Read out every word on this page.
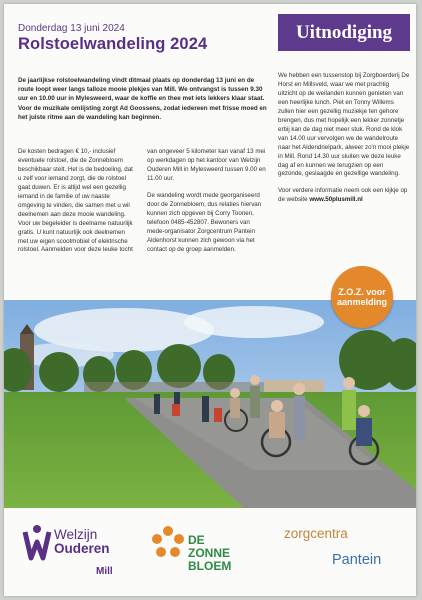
Donderdag 13 juni 2024
Rolstoelwandeling 2024
Uitnodiging

De jaarlijkse rolstoelwandeling vindt ditmaal plaats op donderdag 13 juni en de route loopt weer langs talloze mooie plekjes van Mill. We ontvangst is tussen 9.30 uur en 10.00 uur in Mylesweerd, waar de koffie en thee met iets lekkers klaar staat. Voor de muzikale omlijsting zorgt Ad Goossens, zodat iedereen met frisse moed en het juiste ritme aan de wandeling kan beginnen.

De kosten bedragen € 10,- inclusief eventuele rolstoel, die de Zonnebloem beschikbaar stelt. Het is de bedoeling, dat u zelf voor iemand zorgt, die de rolstoel gaat duwen. Er is altijd wel een gezellig iemand in de familie of uw naaste omgeving te vinden, die samen met u wil deelnemen aan deze mooie wandeling. Voor uw begeleider is deelname natuurlijk gratis. U kunt natuurlijk ook deelnemen met uw eigen scootmobiel of elektrische rolstoel. Aanmelden voor deze leuke tocht

van ongeveer 5 kilometer kan vanaf 13 mei op werkdagen op het kantoor van Welzijn Ouderen Mill in Mylesweerd tussen 9.00 en 11.00 uur.

De wandeling wordt mede georganiseerd door de Zonnebloem, dus relaties hiervan kunnen zich opgeven bij Corry Toonen, telefoon 0485-452807. Bewoners van mede-organisator Zorgcentrum Pantein Aldenhorst kunnen zich gewoon via het contact op de groep aanmelden.

We hebben een tussenstop bij Zorgboerderij De Horst en Millsveld, waar we met prachtig uitzicht op de weilanden kunnen genieten van een heerlijke lunch. Piet en Tonny Willems zullen hier een gezellig muziekje ten gehore brengen, dus met hopelijk een lekker zonnetje erbij kan de dag niet meer stuk. Rond de klok van 14.00 uur vervolgen we de wandelroute naar het Aldendrielpark, alweer zo'n mooi plekje in Mill. Rond 14.30 uur sluiten we deze leuke dag af en kunnen we terugzien op een gezonde, geslaagde en gezellige wandeling.

Voor verdere informatie neem ook een kijkje op de website www.50plusmill.nl

Z.O.Z. voor aanmelding
Welzijn
Ouderen
Mill
DE
ZONNE
BLOEM
zorgcentra
Pantein
